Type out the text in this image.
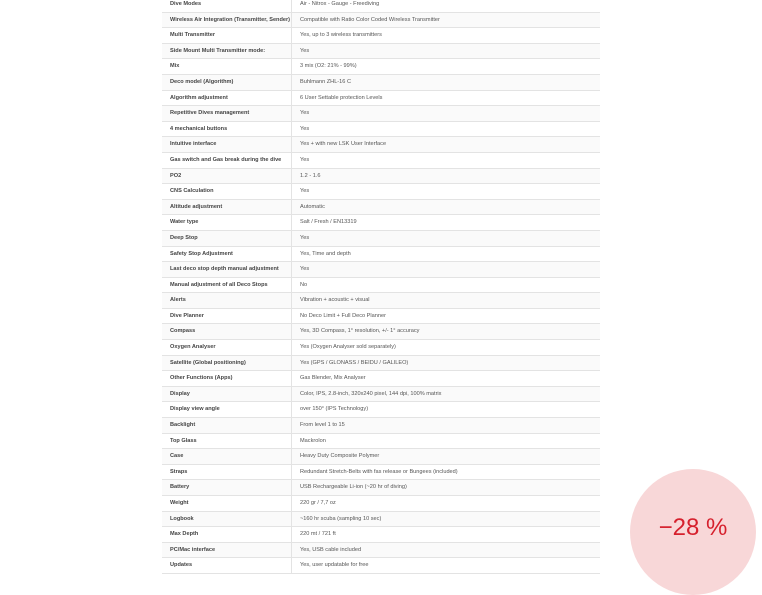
Dive Modes	Air - Nitrox - Gauge - Freediving
Wireless Air Integration (Transmitter, Sender)	Compatible with Ratio Color Coded Wireless Transmitter
Multi Transmitter	Yes, up to 3 wireless transmitters
Side Mount Multi Transmitter mode:	Yes
Mix	3 mix (O2: 21% - 99%)
Deco model (Algorithm)	Buhlmann ZHL-16 C
Algorithm adjustment	6 User Settable protection Levels
Repetitive Dives management	Yes
4 mechanical buttons	Yes
Intuitive interface	Yes + with new LSK User Interface
Gas switch and Gas break during the dive	Yes
PO2	1.2 - 1.6
CNS Calculation	Yes
Altitude adjustment	Automatic
Water type	Salt / Fresh / EN13319
Deep Stop	Yes
Safety Stop Adjustment	Yes, Time and depth
Last deco stop depth manual adjustment	Yes
Manual adjustment of all Deco Stops	No
Alerts	Vibration + acoustic + visual
Dive Planner	No Deco Limit + Full Deco Planner
Compass	Yes, 3D Compass, 1° resolution, +/- 1° accuracy
Oxygen Analyser	Yes (Oxygen Analyser sold separately)
Satellite (Global positioning)	Yes (GPS / GLONASS / BEIDU / GALILEO)
Other Functions (Apps)	Gas Blender, Mix Analyser
Display	Color, IPS, 2.8-inch, 320x240 pixel, 144 dpi, 100% matrix
Display view angle	over 150° (IPS Technology)
Backlight	From level 1 to 15
Top Glass	Mackrolon
Case	Heavy Duty Composite Polymer
Straps	Redundant Stretch-Belts with fas release or Bungees (included)
Battery	USB Rechargeable Li-ion (~20 hr of diving)
Weight	220 gr / 7,7 oz
Logbook	~160 hr scuba (sampling 10 sec)
Max Depth	220 mt / 721 ft
PC/Mac interface	Yes, USB cable included
Updates	Yes, user updatable for free
−28 %
